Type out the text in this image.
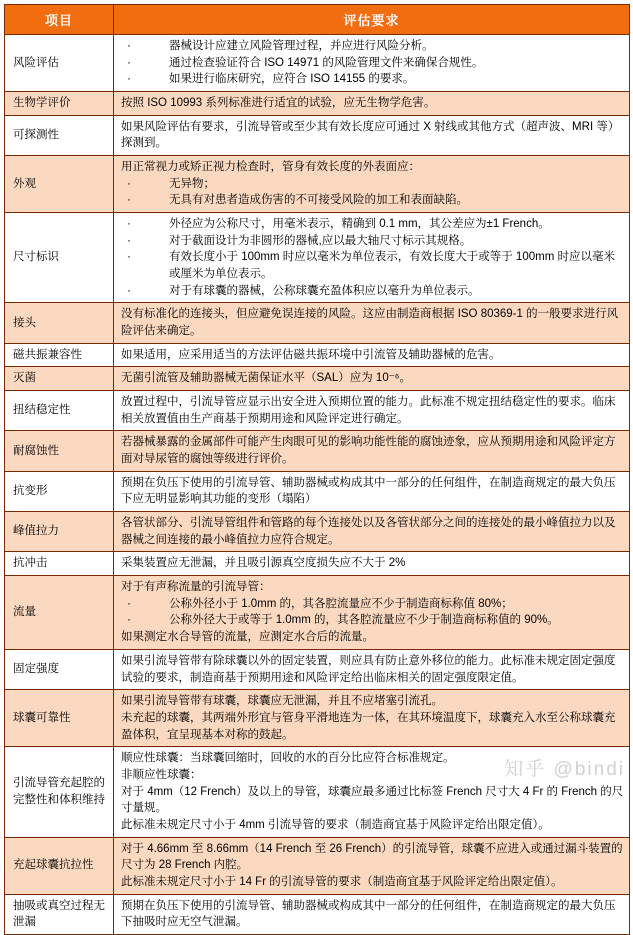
项目	评估要求
风险评估	
· 器械设计应建立风险管理过程，并应进行风险分析。
· 通过检查验证符合 ISO 14971 的风险管理文件来确保合规性。
· 如果进行临床研究，应符合 ISO 14155 的要求。

生物学评价	按照 ISO 10993 系列标准进行适宜的试验，应无生物学危害。

可探测性	如果风险评估有要求，引流导管或至少其有效长度应可通过 X 射线或其他方式（超声波、MRI 等）探测到。

外观	
用正常视力或矫正视力检查时，管身有效长度的外表面应：
· 无异物；
· 无具有对患者造成伤害的不可接受风险的加工和表面缺陷。

尺寸标识	
· 外径应为公称尺寸，用毫米表示，精确到 0.1 mm，其公差应为±1 French。
· 对于截面设计为非圆形的器械,应以最大轴尺寸标示其规格。
· 有效长度小于 100mm 时应以毫米为单位表示，有效长度大于或等于 100mm 时应以毫米或厘米为单位表示。
· 对于有球囊的器械，公称球囊充盈体积应以毫升为单位表示。

接头	没有标准化的连接头，但应避免误连接的风险。这应由制造商根据 ISO 80369-1 的一般要求进行风险评估来确定。

磁共振兼容性	如果适用，应采用适当的方法评估磁共振环境中引流管及辅助器械的危害。

灭菌	无菌引流管及辅助器械无菌保证水平（SAL）应为 10⁻⁶。

扭结稳定性	放置过程中，引流导管应显示出安全进入预期位置的能力。此标准不规定扭结稳定性的要求。临床相关放置值由生产商基于预期用途和风险评定进行确定。

耐腐蚀性	若器械暴露的金属部件可能产生肉眼可见的影响功能性能的腐蚀迹象，应从预期用途和风险评定方面对导尿管的腐蚀等级进行评价。

抗变形	预期在负压下使用的引流导管、辅助器械或构成其中一部分的任何组件，在制造商规定的最大负压下应无明显影响其功能的变形（塌陷）

峰值拉力	各管状部分、引流导管组件和管路的每个连接处以及各管状部分之间的连接处的最小峰值拉力以及器械之间连接的最小峰值拉力应符合规定。

抗冲击	采集装置应无泄漏，并且吸引源真空度损失应不大于 2%

流量	
对于有声称流量的引流导管：
· 公称外径小于 1.0mm 的，其各腔流量应不少于制造商标称值 80%；
· 公称外径大于或等于 1.0mm 的，其各腔流量应不少于制造商标称值的 90%。
如果测定水合导管的流量，应测定水合后的流量。

固定强度	如果引流导管带有除球囊以外的固定装置，则应具有防止意外移位的能力。此标准未规定固定强度试验的要求，制造商基于预期用途和风险评定给出临床相关的固定强度限定值。

球囊可靠性	如果引流导管带有球囊，球囊应无泄漏，并且不应堵塞引流孔。
未充起的球囊，其两端外形宜与管身平滑地连为一体，在其环境温度下，球囊充入水至公称球囊充盈体积，宜呈现基本对称的鼓起。

引流导管充起腔的完整性和体积维持	顺应性球囊：当球囊回缩时，回收的水的百分比应符合标准规定。
非顺应性球囊：
对于 4mm（12 French）及以上的导管，球囊应最多通过比标签 French 尺寸大 4 Fr 的 French 的尺寸量规。
此标准未规定尺寸小于 4mm 引流导管的要求（制造商宜基于风险评定给出限定值）。

充起球囊抗拉性	对于 4.66mm 至 8.66mm（14 French 至 26 French）的引流导管，球囊不应进入或通过漏斗装置的尺寸为 28 French 内腔。
此标准未规定尺寸小于 14 Fr 的引流导管的要求（制造商宜基于风险评定给出限定值）。

抽吸或真空过程无泄漏	预期在负压下使用的引流导管、辅助器械或构成其中一部分的任何组件，在制造商规定的最大负压下抽吸时应无空气泄漏。
知乎 @bindi
